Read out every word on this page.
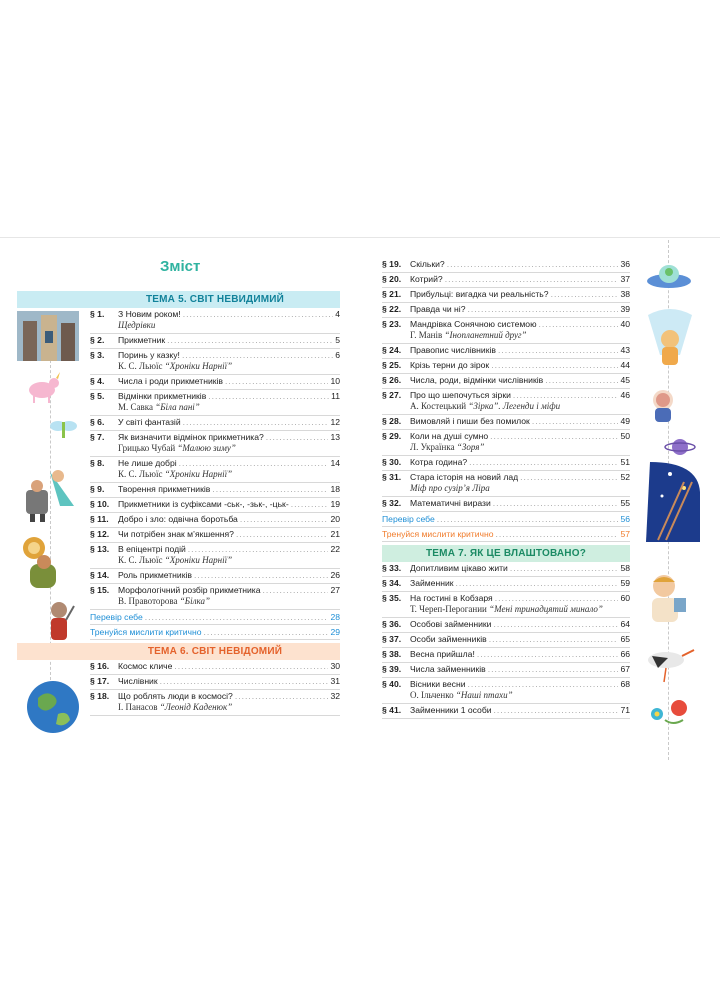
Зміст
ТЕМА 5. СВІТ НЕВИДИМИЙ
§ 1.	З Новим роком! .....	4
Щедрівки
§ 2.	Прикметник .....	5
§ 3.	Поринь у казку! .....	6
К. С. Льюїс “Хроніки Нарнії”
§ 4.	Числа і роди прикметників .....	10
§ 5.	Відмінки прикметників .....	11
М. Савка “Біла пані”
§ 6.	У світі фантазій .....	12
§ 7.	Як визначити відмінок прикметника? .....	13
Грицько Чубай “Малюю зиму”
§ 8.	Не лише добрі .....	14
К. С. Льюїс “Хроніки Нарнії”
§ 9.	Творення прикметників .....	18
§ 10.	Прикметники із суфіксами -ськ-, -зьк-, -цьк- .....	19
§ 11.	Добро і зло: одвічна боротьба .....	20
§ 12.	Чи потрібен знак м’якшення? .....	21
§ 13.	В епіцентрі подій .....	22
К. С. Льюїс “Хроніки Нарнії”
§ 14.	Роль прикметників .....	26
§ 15.	Морфологічний розбір прикметника .....	27
В. Правоторова “Білка”
Перевір себе .....	28
Тренуйся мислити критично .....	29
ТЕМА 6. СВІТ НЕВІДОМИЙ
§ 16.	Космос кличе .....	30
§ 17.	Числівник .....	31
§ 18.	Що роблять люди в космосі? .....	32
І. Панасов “Леонід Каденюк”
§ 19.	Скільки? .....	36
§ 20.	Котрий? .....	37
§ 21.	Прибульці: вигадка чи реальність? .....	38
§ 22.	Правда чи ні? .....	39
§ 23.	Мандрівка Сонячною системою .....	40
Г. Манів “Інопланетний друг”
§ 24.	Правопис числівників .....	43
§ 25.	Крізь терни до зірок .....	44
§ 26.	Числа, роди, відмінки числівників .....	45
§ 27.	Про що шепочуться зірки .....	46
А. Костецький “Зірка”. Легенди і міфи
§ 28.	Вимовляй і пиши без помилок .....	49
§ 29.	Коли на душі сумно .....	50
Л. Українка “Зоря”
§ 30.	Котра година? .....	51
§ 31.	Стара історія на новий лад .....	52
Міф про сузір’я Ліра
§ 32.	Математичні вирази .....	55
Перевір себе .....	56
Тренуйся мислити критично .....	57
ТЕМА 7. ЯК ЦЕ ВЛАШТОВАНО?
§ 33.	Допитливим цікаво жити .....	58
§ 34.	Займенник .....	59
§ 35.	На гостині в Кобзаря .....	60
Т. Череп-Перогании “Мені тринадцятий минало”
§ 36.	Особові займенники .....	64
§ 37.	Особи займенників .....	65
§ 38.	Весна прийшла! .....	66
§ 39.	Числа займенників .....	67
§ 40.	Вісники весни .....	68
О. Ільченко “Наші птахи”
§ 41.	Займенники 1 особи .....	71
